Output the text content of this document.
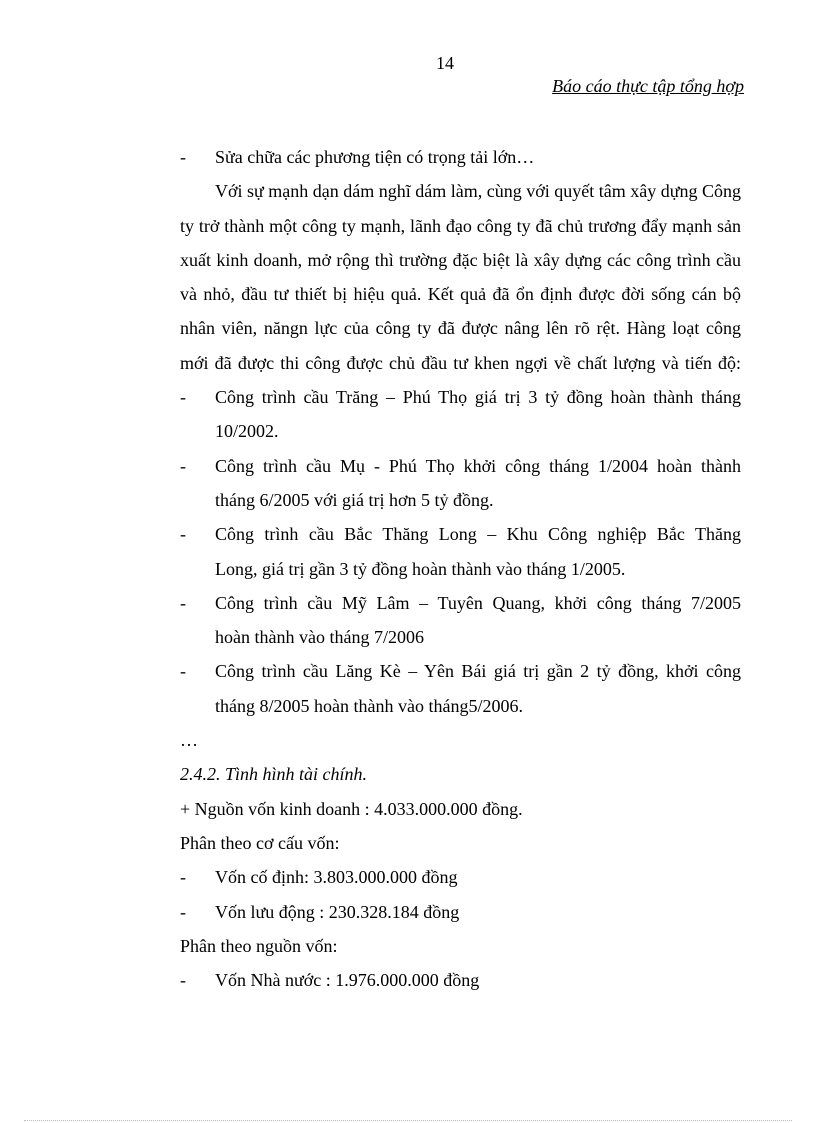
14
Báo cáo thực tập tổng hợp
- Sửa chữa các phương tiện có trọng tải lớn…
Với sự mạnh dạn dám nghĩ dám làm, cùng với quyết tâm xây dựng Công
ty trở thành một công ty mạnh, lãnh đạo công ty đã chủ trương đẩy mạnh sản
xuất kinh doanh, mở rộng thì trường đặc biệt là xây dựng các công trình cầu
và nhỏ, đầu tư thiết bị hiệu quả. Kết quả đã ổn định được đời sống cán bộ
nhân viên, năngn lực của công ty đã được nâng lên rõ rệt. Hàng loạt công
mới đã được thi công được chủ đầu tư khen ngợi về chất lượng và tiến độ:
- Công trình cầu Trăng – Phú Thọ giá trị 3 tỷ đồng hoàn thành tháng
10/2002.
- Công trình cầu Mụ - Phú Thọ khởi công tháng 1/2004 hoàn thành
tháng 6/2005 với giá trị hơn 5 tỷ đồng.
- Công trình cầu Bắc Thăng Long – Khu Công nghiệp Bắc Thăng
Long, giá trị gần 3 tỷ đồng hoàn thành vào tháng 1/2005.
- Công trình cầu Mỹ Lâm – Tuyên Quang, khởi công tháng 7/2005
hoàn thành vào tháng 7/2006
- Công trình cầu Lăng Kè – Yên Bái giá trị gần 2 tỷ đồng, khởi công
tháng 8/2005 hoàn thành vào tháng5/2006.
…
2.4.2. Tình hình tài chính.
+ Nguồn vốn kinh doanh : 4.033.000.000 đồng.
Phân theo cơ cấu vốn:
- Vốn cố định: 3.803.000.000 đồng
- Vốn lưu động : 230.328.184 đồng
Phân theo nguồn vốn:
- Vốn Nhà nước : 1.976.000.000 đồng
